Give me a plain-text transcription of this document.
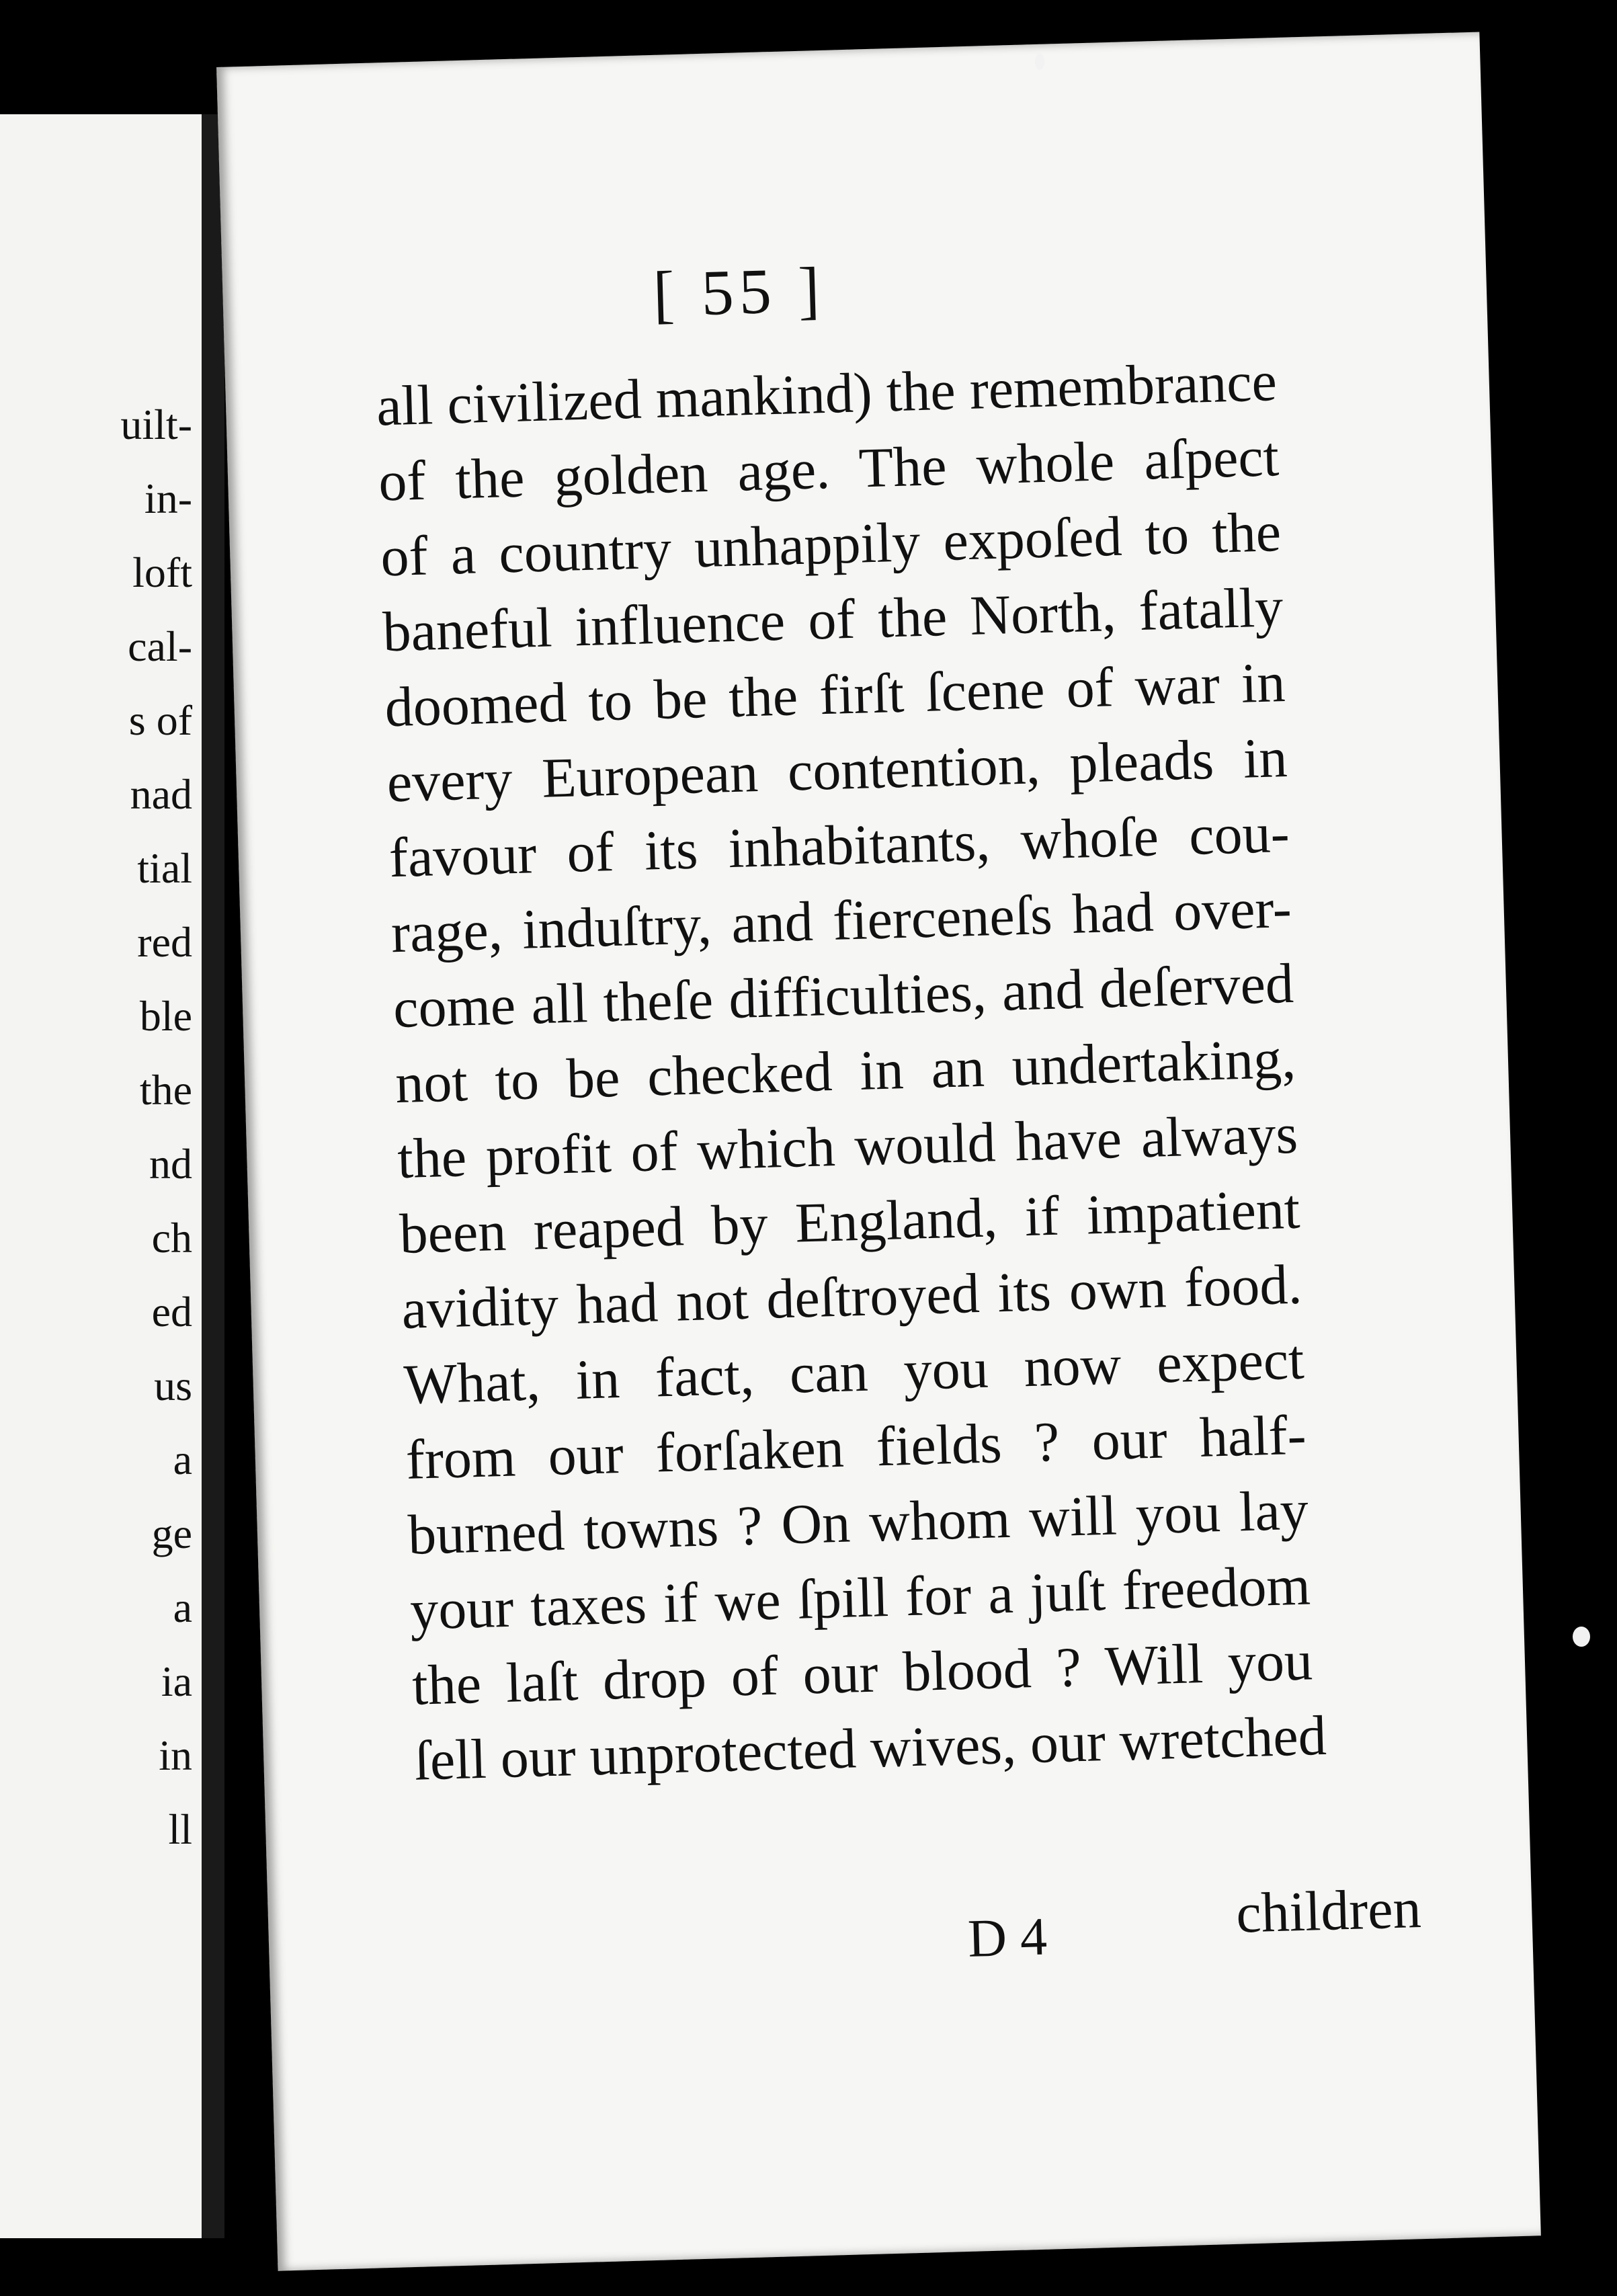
uilt-
in-
loft
cal-
s of
nad
tial
red
ble
the
nd
ch
ed
us
a
ge
a
ia
in
ll
[ 55 ]
all civilized mankind) the remembrance
of the golden age. The whole aſpect
of a country unhappily expoſed to the
baneful influence of the North, fatally
doomed to be the firſt ſcene of war in
every European contention, pleads in
favour of its inhabitants, whoſe cou-
rage, induſtry, and fierceneſs had over-
come all theſe difficulties, and deſerved
not to be checked in an undertaking,
the profit of which would have always
been reaped by England, if impatient
avidity had not deſtroyed its own food.
What, in fact, can you now expect
from our forſaken fields ? our half-
burned towns ? On whom will you lay
your taxes if we ſpill for a juſt freedom
the laſt drop of our blood ? Will you
ſell our unprotected wives, our wretched
D 4	children
